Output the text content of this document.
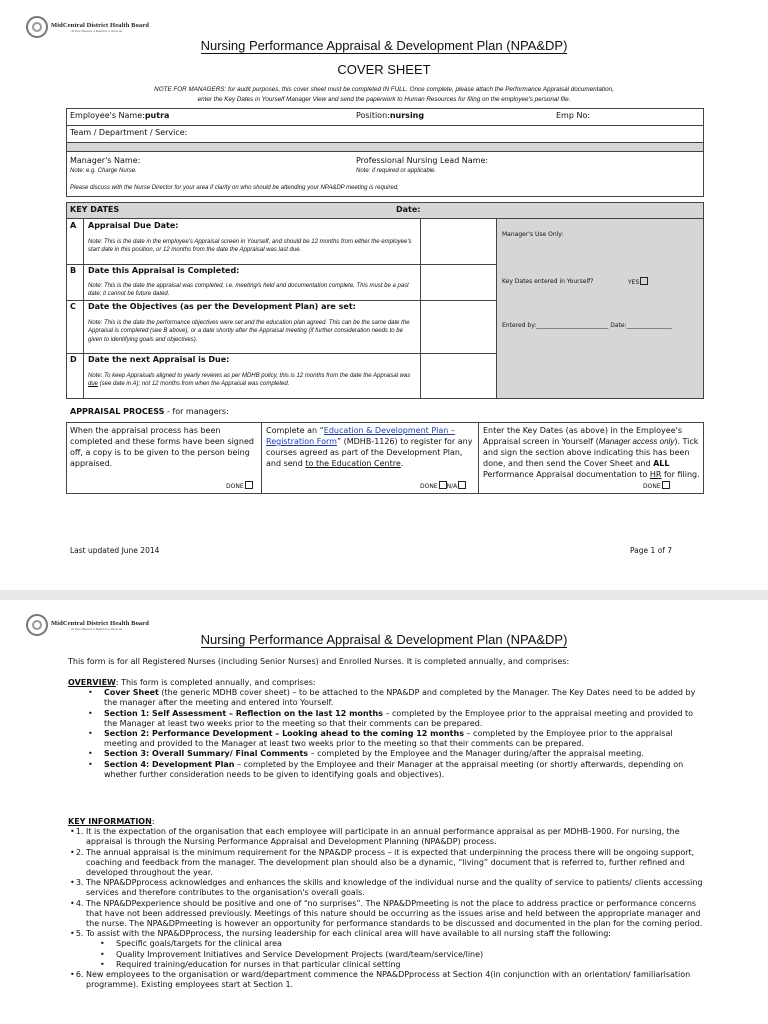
MidCentral District Health Board
Te Pae Hauora o Ruahine o Tararua
Nursing Performance Appraisal & Development Plan (NPA&DP)
COVER SHEET
NOTE FOR MANAGERS: for audit purposes, this cover sheet must be completed IN FULL. Once complete, please attach the Performance Appraisal documentation,
enter the Key Dates in Yourself Manager View and send the paperwork to Human Resources for filing on the employee's personal file.
Employee's Name:putra	Position:nursing	Emp No:
Team / Department / Service:
Manager's Name:
Note: e.g. Charge Nurse.
Professional Nursing Lead Name:
Note: if required or applicable.
Please discuss with the Nurse Director for your area if clarity on who should be attending your NPA&DP meeting is required.
KEY DATES	Date:
A Appraisal Due Date:
Note: This is the date in the employee's Appraisal screen in Yourself, and should be 12 months from either the employee's start date in this position, or 12 months from the date the Appraisal was last due.
B Date this Appraisal is Completed:
Note: This is the date the appraisal was completed, i.e. meeting/s held and documentation complete. This must be a past date; it cannot be future dated.
C Date the Objectives (as per the Development Plan) are set:
Note: This is the date the performance objectives were set and the education plan agreed. This can be the same date the Appraisal is completed (see B above), or a date shortly after the Appraisal meeting (if further consideration needs to be given to identifying goals and objectives).
D Date the next Appraisal is Due:
Note: To keep Appraisals aligned to yearly reviews as per MDHB policy, this is 12 months from the date the Appraisal was due (see date in A); not 12 months from when the Appraisal was completed.
Manager's Use Only:
Key Dates entered in Yourself?	YES
Entered by:________________________ Date:_______________
APPRAISAL PROCESS - for managers:
When the appraisal process has been completed and these forms have been signed off, a copy is to be given to the person being appraised.
DONE
Complete an “Education & Development Plan – Registration Form” (MDHB-1126) to register for any courses agreed as part of the Development Plan, and send to the Education Centre.
DONE N/A
Enter the Key Dates (as above) in the Employee's Appraisal screen in Yourself (Manager access only). Tick and sign the section above indicating this has been done, and then send the Cover Sheet and ALL Performance Appraisal documentation to HR for filing.
DONE
Last updated June 2014	Page 1 of 7
MidCentral District Health Board
Te Pae Hauora o Ruahine o Tararua
Nursing Performance Appraisal & Development Plan (NPA&DP)
This form is for all Registered Nurses (including Senior Nurses) and Enrolled Nurses. It is completed annually, and comprises:
OVERVIEW: This form is completed annually, and comprises:
• Cover Sheet (the generic MDHB cover sheet) – to be attached to the NPA&DP and completed by the Manager. The Key Dates need to be added by the manager after the meeting and entered into Yourself.
• Section 1: Self Assessment – Reflection on the last 12 months – completed by the Employee prior to the appraisal meeting and provided to the Manager at least two weeks prior to the meeting so that their comments can be prepared.
• Section 2: Performance Development – Looking ahead to the coming 12 months – completed by the Employee prior to the appraisal meeting and provided to the Manager at least two weeks prior to the meeting so that their comments can be prepared.
• Section 3: Overall Summary/ Final Comments – completed by the Employee and the Manager during/after the appraisal meeting.
• Section 4: Development Plan – completed by the Employee and their Manager at the appraisal meeting (or shortly afterwards, depending on whether further consideration needs to be given to identifying goals and objectives).
KEY INFORMATION:
• 1. It is the expectation of the organisation that each employee will participate in an annual performance appraisal as per MDHB-1900. For nursing, the appraisal is through the Nursing Performance Appraisal and Development Planning (NPA&DP) process.
• 2. The annual appraisal is the minimum requirement for the NPA&DP process – it is expected that underpinning the process there will be ongoing support, coaching and feedback from the manager. The development plan should also be a dynamic, “living” document that is referred to, further refined and developed throughout the year.
• 3. The NPA&DPprocess acknowledges and enhances the skills and knowledge of the individual nurse and the quality of service to patients/ clients accessing services and therefore contributes to the organisation's overall goals.
• 4. The NPA&DPexperience should be positive and one of “no surprises”. The NPA&DPmeeting is not the place to address practice or performance concerns that have not been addressed previously. Meetings of this nature should be occurring as the issues arise and held between the appropriate manager and the nurse. The NPA&DPmeeting is however an opportunity for performance standards to be discussed and documented in the plan for the coming period.
• 5. To assist with the NPA&DPprocess, the nursing leadership for each clinical area will have available to all nursing staff the following:
• Specific goals/targets for the clinical area
• Quality Improvement Initiatives and Service Development Projects (ward/team/service/line)
• Required training/education for nurses in that particular clinical setting
• 6. New employees to the organisation or ward/department commence the NPA&DPprocess at Section 4(in conjunction with an orientation/ familiarisation programme). Existing employees start at Section 1.
